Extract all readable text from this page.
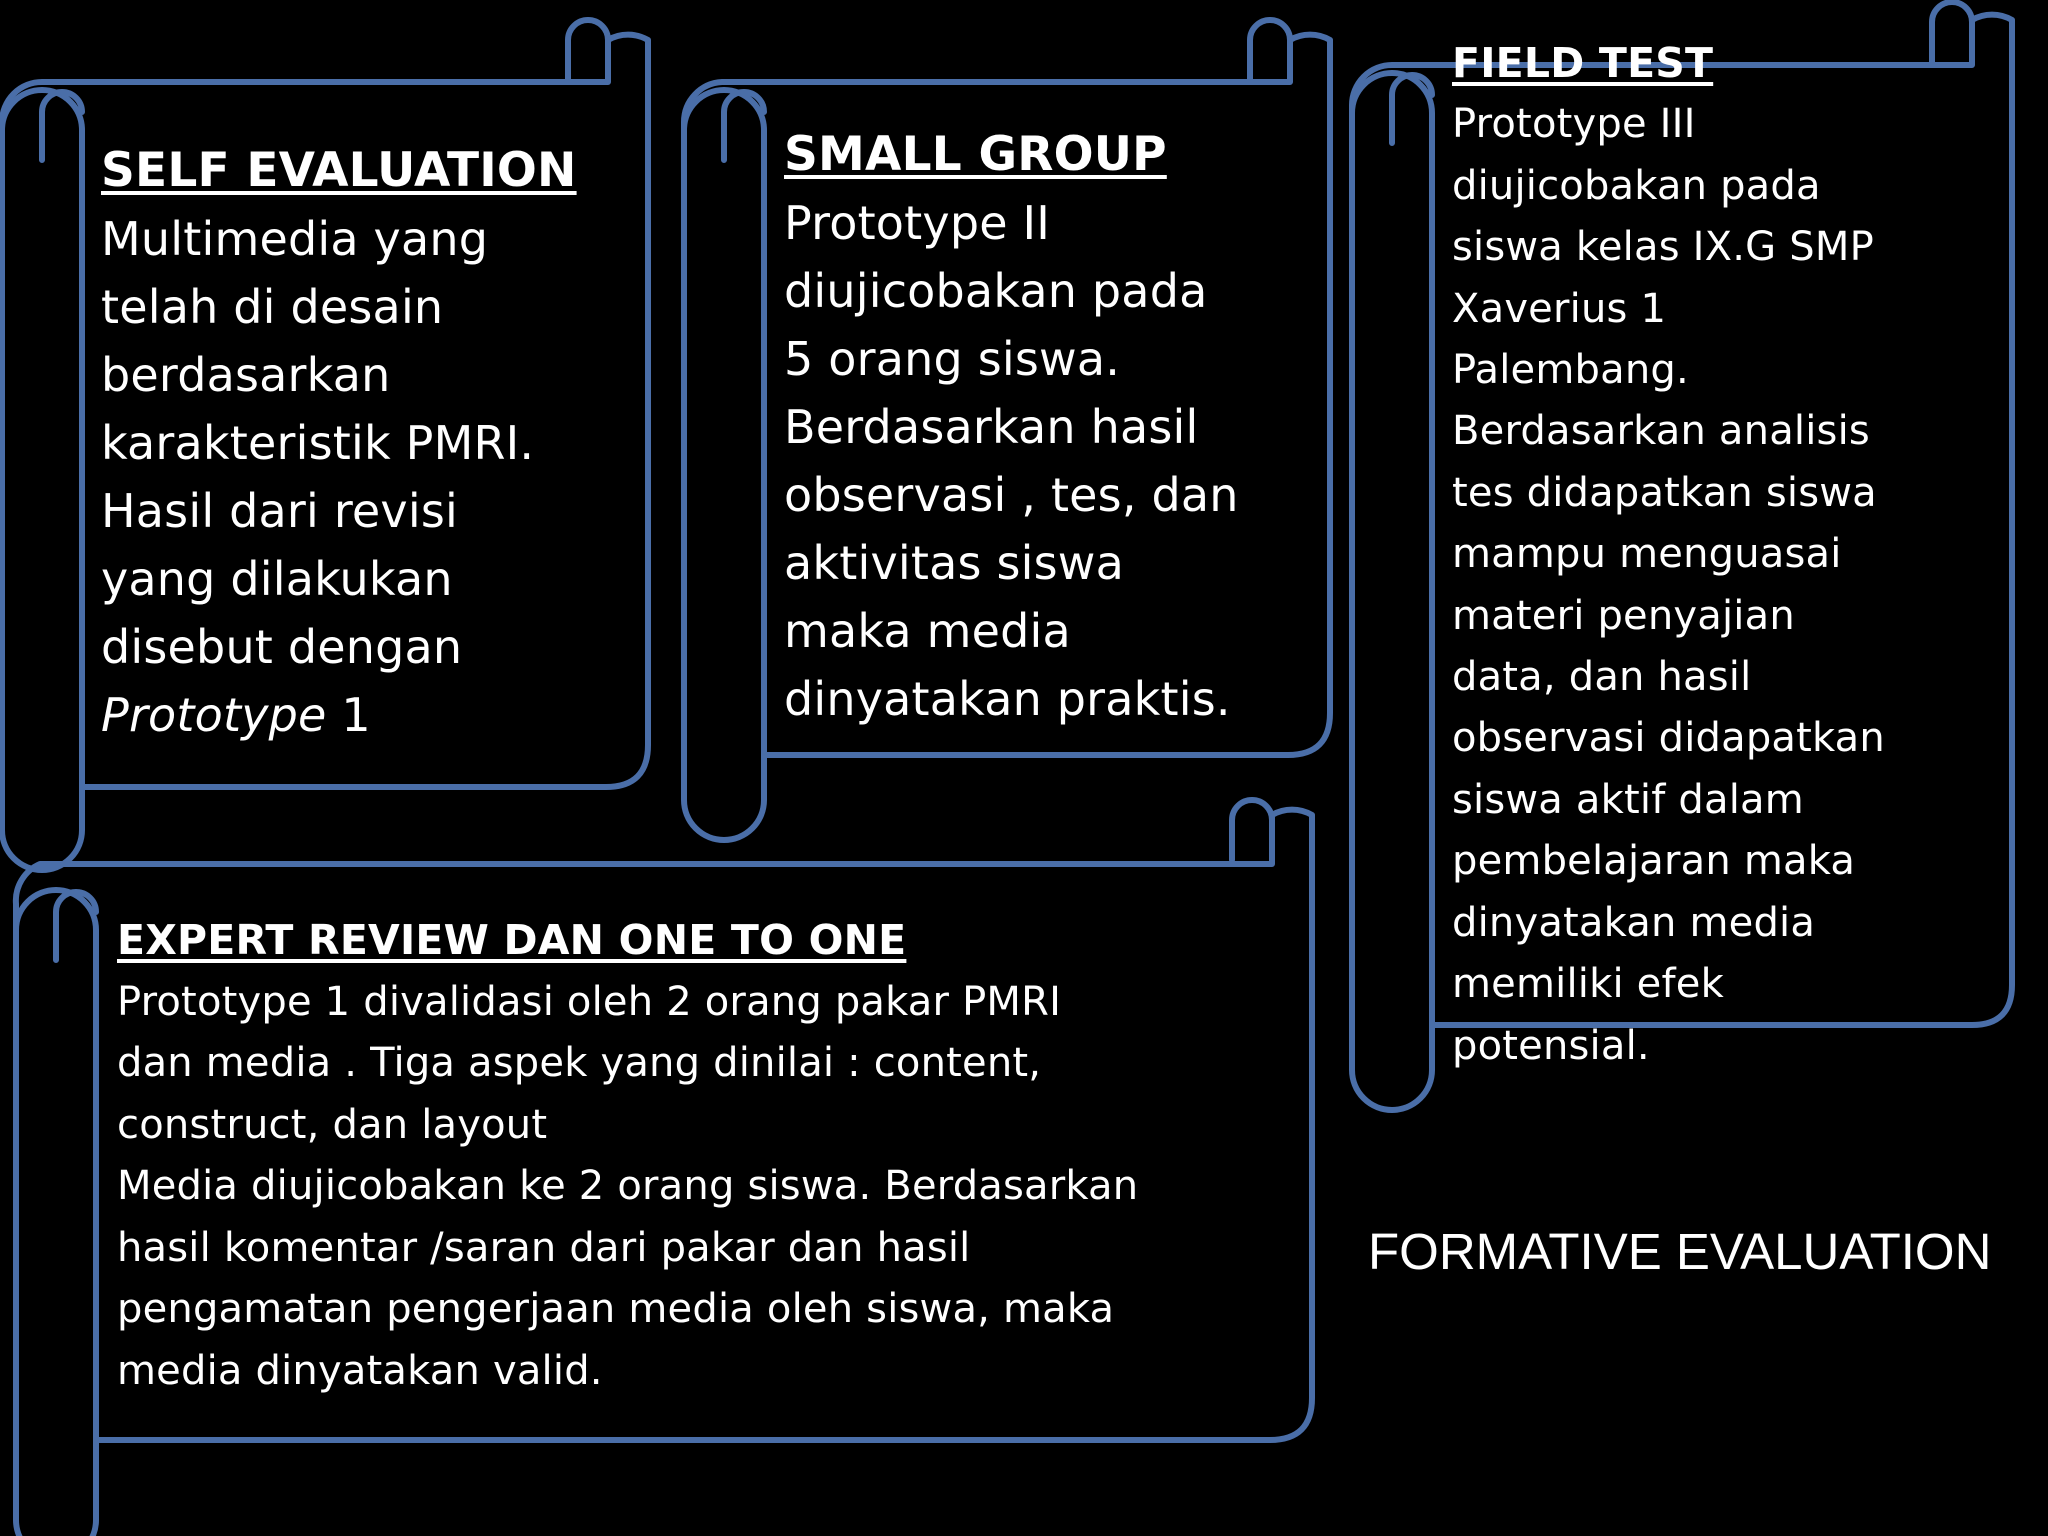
SELF EVALUATION
Multimedia yang
telah di desain
berdasarkan
karakteristik PMRI.
Hasil dari revisi
yang dilakukan
disebut dengan
Prototype 1
SMALL GROUP
Prototype II
diujicobakan pada
5 orang siswa.
Berdasarkan hasil
observasi , tes, dan
aktivitas siswa
maka media
dinyatakan praktis.
FIELD TEST
Prototype III
diujicobakan pada
siswa kelas IX.G SMP
Xaverius 1
Palembang.
Berdasarkan analisis
tes didapatkan siswa
mampu menguasai
materi penyajian
data, dan hasil
observasi didapatkan
siswa aktif dalam
pembelajaran maka
dinyatakan media
memiliki efek
potensial.
EXPERT REVIEW DAN ONE TO ONE
Prototype 1 divalidasi oleh 2 orang pakar PMRI
dan media . Tiga aspek yang dinilai : content,
construct, dan layout
Media diujicobakan ke 2 orang siswa. Berdasarkan
hasil komentar /saran dari pakar dan hasil
pengamatan pengerjaan media oleh siswa, maka
media dinyatakan valid.
FORMATIVE EVALUATION
